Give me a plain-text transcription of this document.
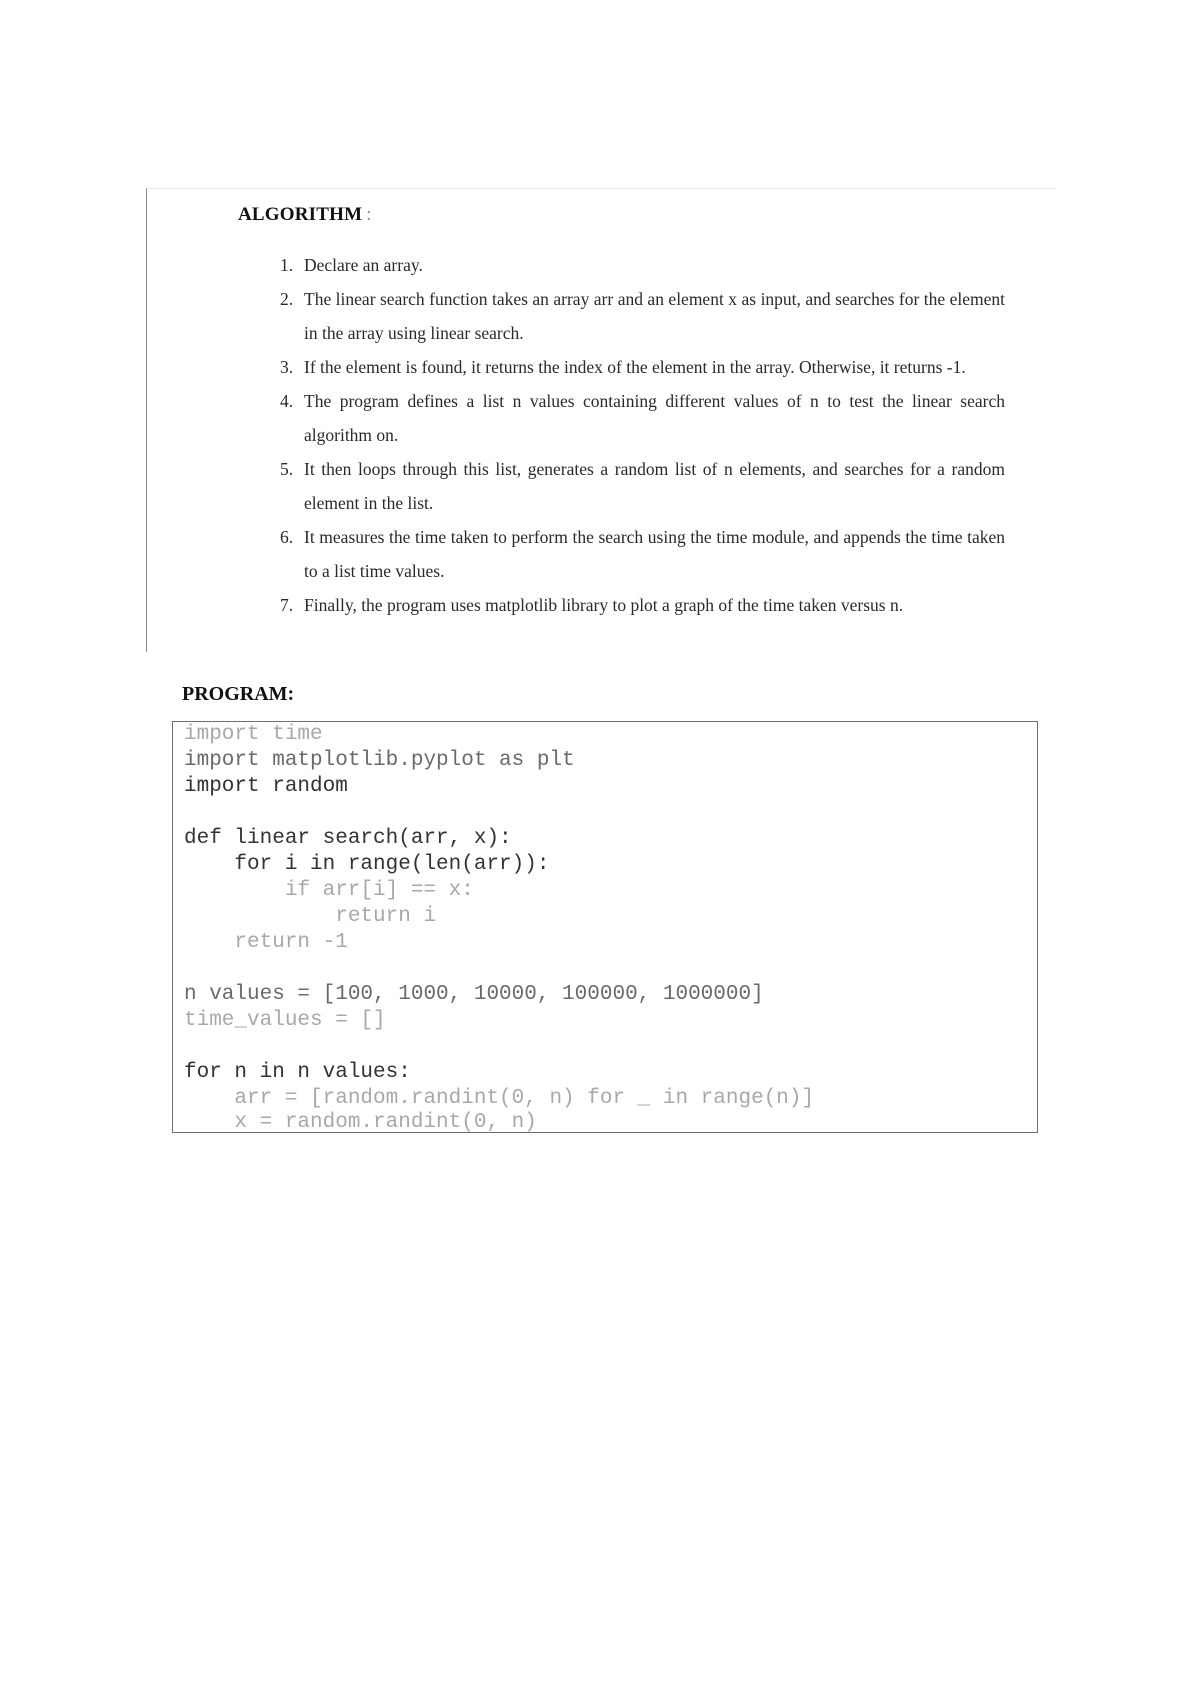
ALGORITHM :
1. Declare an array.
2. The linear search function takes an array arr and an element x as input, and searches for the element in the array using linear search.
3. If the element is found, it returns the index of the element in the array. Otherwise, it returns -1.
4. The program defines a list n values containing different values of n to test the linear search algorithm on.
5. It then loops through this list, generates a random list of n elements, and searches for a random element in the list.
6. It measures the time taken to perform the search using the time module, and appends the time taken to a list time values.
7. Finally, the program uses matplotlib library to plot a graph of the time taken versus n.
PROGRAM:
import time
import matplotlib.pyplot as plt
import random
def linear search(arr, x):
for i in range(len(arr)):
if arr[i] == x:
return i
return -1
n values = [100, 1000, 10000, 100000, 1000000]
time_values = []
for n in n values:
arr = [random.randint(0, n) for _ in range(n)]
x = random.randint(0, n)
